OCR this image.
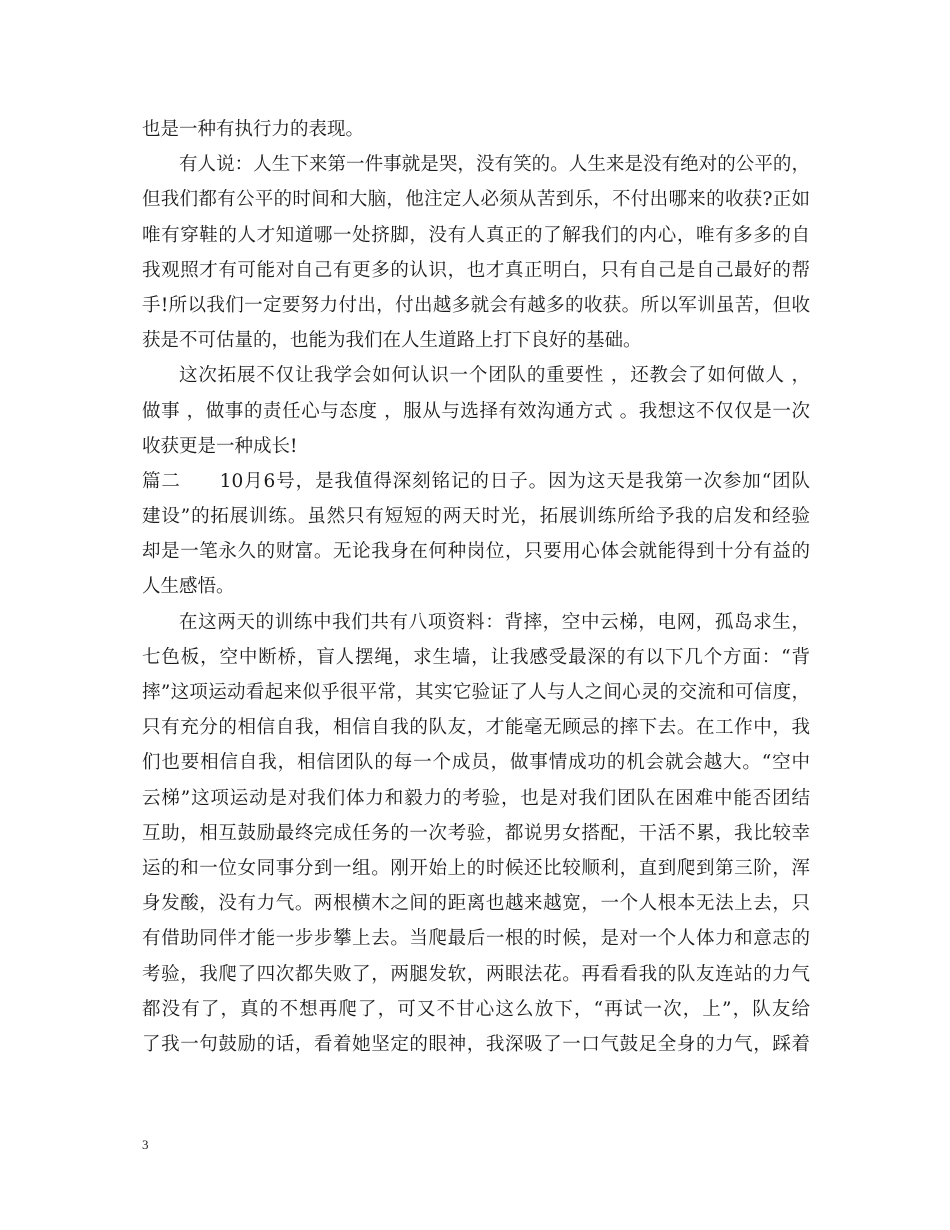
也是一种有执行力的表现。
有人说：人生下来第一件事就是哭，没有笑的。人生来是没有绝对的公平的，
但我们都有公平的时间和大脑，他注定人必须从苦到乐，不付出哪来的收获?正如
唯有穿鞋的人才知道哪一处挤脚，没有人真正的了解我们的内心，唯有多多的自
我观照才有可能对自己有更多的认识，也才真正明白，只有自己是自己最好的帮
手!所以我们一定要努力付出，付出越多就会有越多的收获。所以军训虽苦，但收
获是不可估量的，也能为我们在人生道路上打下良好的基础。
这次拓展不仅让我学会如何认识一个团队的重要性 ，还教会了如何做人 ，
做事 ，做事的责任心与态度 ，服从与选择有效沟通方式 。我想这不仅仅是一次
收获更是一种成长!
篇二　　10月6号，是我值得深刻铭记的日子。因为这天是我第一次参加“团队
建设”的拓展训练。虽然只有短短的两天时光，拓展训练所给予我的启发和经验
却是一笔永久的财富。无论我身在何种岗位，只要用心体会就能得到十分有益的
人生感悟。
在这两天的训练中我们共有八项资料：背摔，空中云梯，电网，孤岛求生，
七色板，空中断桥，盲人摆绳，求生墙，让我感受最深的有以下几个方面：“背
摔”这项运动看起来似乎很平常，其实它验证了人与人之间心灵的交流和可信度，
只有充分的相信自我，相信自我的队友，才能毫无顾忌的摔下去。在工作中，我
们也要相信自我，相信团队的每一个成员，做事情成功的机会就会越大。“空中
云梯”这项运动是对我们体力和毅力的考验，也是对我们团队在困难中能否团结
互助，相互鼓励最终完成任务的一次考验，都说男女搭配，干活不累，我比较幸
运的和一位女同事分到一组。刚开始上的时候还比较顺利，直到爬到第三阶，浑
身发酸，没有力气。两根横木之间的距离也越来越宽，一个人根本无法上去，只
有借助同伴才能一步步攀上去。当爬最后一根的时候，是对一个人体力和意志的
考验，我爬了四次都失败了，两腿发软，两眼法花。再看看我的队友连站的力气
都没有了，真的不想再爬了，可又不甘心这么放下，“再试一次，上”，队友给
了我一句鼓励的话，看着她坚定的眼神，我深吸了一口气鼓足全身的力气，踩着
3
